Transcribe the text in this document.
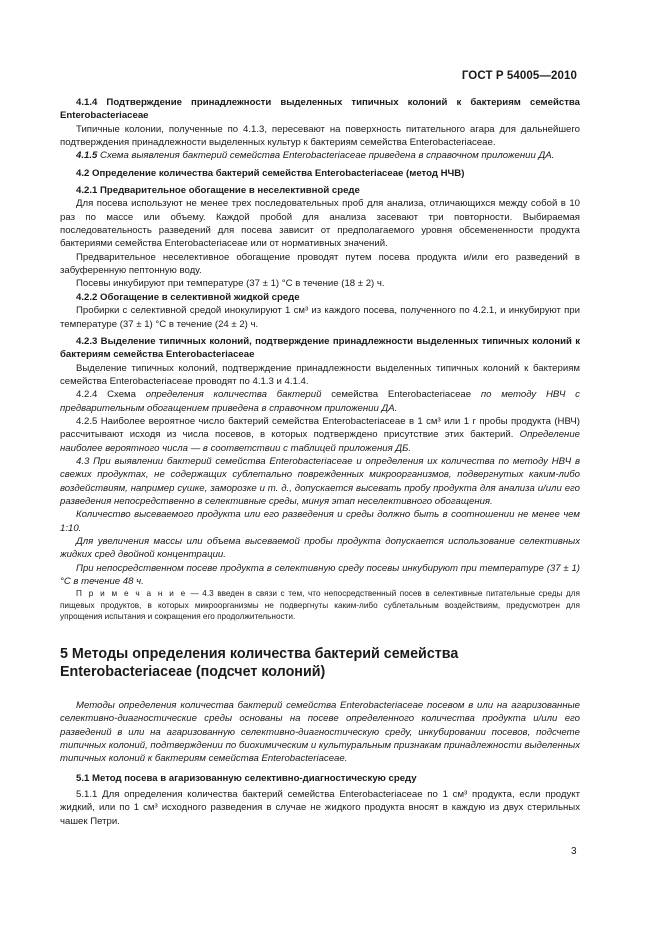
ГОСТ Р 54005—2010

4.1.4 Подтверждение принадлежности выделенных типичных колоний к бактериям семейства Enterobacteriaceae

Типичные колонии, полученные по 4.1.3, пересевают на поверхность питательного агара для дальнейшего подтверждения принадлежности выделенных культур к бактериям семейства Enterobacteriaceae.

4.1.5 Схема выявления бактерий семейства Enterobacteriaceae приведена в справочном приложении ДА.

4.2 Определение количества бактерий семейства Enterobacteriaceae (метод НЧВ)

4.2.1 Предварительное обогащение в неселективной среде

Для посева используют не менее трех последовательных проб для анализа, отличающихся между собой в 10 раз по массе или объему. Каждой пробой для анализа засевают три повторности. Выбираемая последовательность разведений для посева зависит от предполагаемого уровня обсемененности продукта бактериями семейства Enterobacteriaceae или от нормативных значений.

Предварительное неселективное обогащение проводят путем посева продукта и/или его разведений в забуференную пептонную воду.

Посевы инкубируют при температуре (37 ± 1) °С в течение (18 ± 2) ч.

4.2.2 Обогащение в селективной жидкой среде

Пробирки с селективной средой инокулируют 1 см³ из каждого посева, полученного по 4.2.1, и инкубируют при температуре (37 ± 1) °С в течение (24 ± 2) ч.

4.2.3 Выделение типичных колоний, подтверждение принадлежности выделенных типичных колоний к бактериям семейства Enterobacteriaceae

Выделение типичных колоний, подтверждение принадлежности выделенных типичных колоний к бактериям семейства Enterobacteriaceae проводят по 4.1.3 и 4.1.4.

4.2.4 Схема определения количества бактерий семейства Enterobacteriaceae по методу НВЧ с предварительным обогащением приведена в справочном приложении ДА.

4.2.5 Наиболее вероятное число бактерий семейства Enterobacteriaceae в 1 см³ или 1 г пробы продукта (НВЧ) рассчитывают исходя из числа посевов, в которых подтверждено присутствие этих бактерий. Определение наиболее вероятного числа — в соответствии с таблицей приложения ДБ.

4.3 При выявлении бактерий семейства Enterobacteriaceae и определения их количества по методу НВЧ в свежих продуктах, не содержащих сублетально поврежденных микроорганизмов, подвергнутых каким-либо воздействиям, например сушке, заморозке и т. д., допускается высевать пробу продукта для анализа и/или его разведения непосредственно в селективные среды, минуя этап неселективного обогащения.

Количество высеваемого продукта или его разведения и среды должно быть в соотношении не менее чем 1:10.

Для увеличения массы или объема высеваемой пробы продукта допускается использование селективных жидких сред двойной концентрации.

При непосредственном посеве продукта в селективную среду посевы инкубируют при температуре (37 ± 1) °С в течение 48 ч.

П р и м е ч а н и е — 4.3 введен в связи с тем, что непосредственный посев в селективные питательные среды для пищевых продуктов, в которых микроорганизмы не подвергнуты каким-либо сублетальным воздействиям, предусмотрен для упрощения испытания и сокращения его продолжительности.

5 Методы определения количества бактерий семейства Enterobacteriaceae (подсчет колоний)

Методы определения количества бактерий семейства Enterobacteriaceae посевом в или на агаризованные селективно-диагностические среды основаны на посеве определенного количества продукта и/или его разведений в или на агаризованную селективно-диагностическую среду, инкубировании посевов, подсчете типичных колоний, подтверждении по биохимическим и культуральным признакам принадлежности выделенных типичных колоний к бактериям семейства Enterobacteriaceae.

5.1 Метод посева в агаризованную селективно-диагностическую среду

5.1.1 Для определения количества бактерий семейства Enterobacteriaceae по 1 см³ продукта, если продукт жидкий, или по 1 см³ исходного разведения в случае не жидкого продукта вносят в каждую из двух стерильных чашек Петри.

3
